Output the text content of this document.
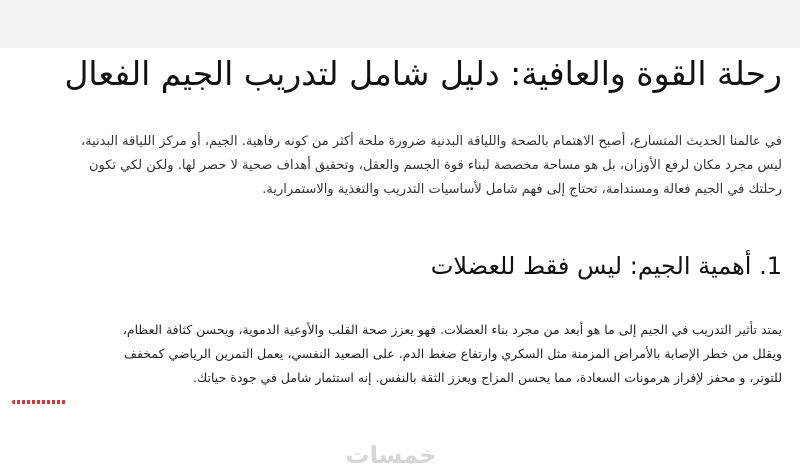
رحلة القوة والعافية: دليل شامل لتدريب الجيم الفعال
في عالمنا الحديث المتسارع، أصبح الاهتمام بالصحة واللياقة البدنية ضرورة ملحة أكثر من كونه رفاهية. الجيم، أو مركز اللياقة البدنية،
ليس مجرد مكان لرفع الأوزان، بل هو مساحة مخصصة لبناء قوة الجسم والعقل، وتحقيق أهداف صحية لا حصر لها. ولكن لكي تكون
رحلتك في الجيم فعالة ومستدامة، تحتاج إلى فهم شامل لأساسيات التدريب والتغذية والاستمرارية.
1. أهمية الجيم: ليس فقط للعضلات
يمتد تأثير التدريب في الجيم إلى ما هو أبعد من مجرد بناء العضلات. فهو يعزز صحة القلب والأوعية الدموية، ويحسن كثافة العظام،
ويقلل من خطر الإصابة بالأمراض المزمنة مثل السكري وارتفاع ضغط الدم. على الصعيد النفسي، يعمل التمرين الرياضي كمخفف
للتوتر، و محفز لإفراز هرمونات السعادة، مما يحسن المزاج ويعزز الثقة بالنفس. إنه استثمار شامل في جودة حياتك.
خمسات
